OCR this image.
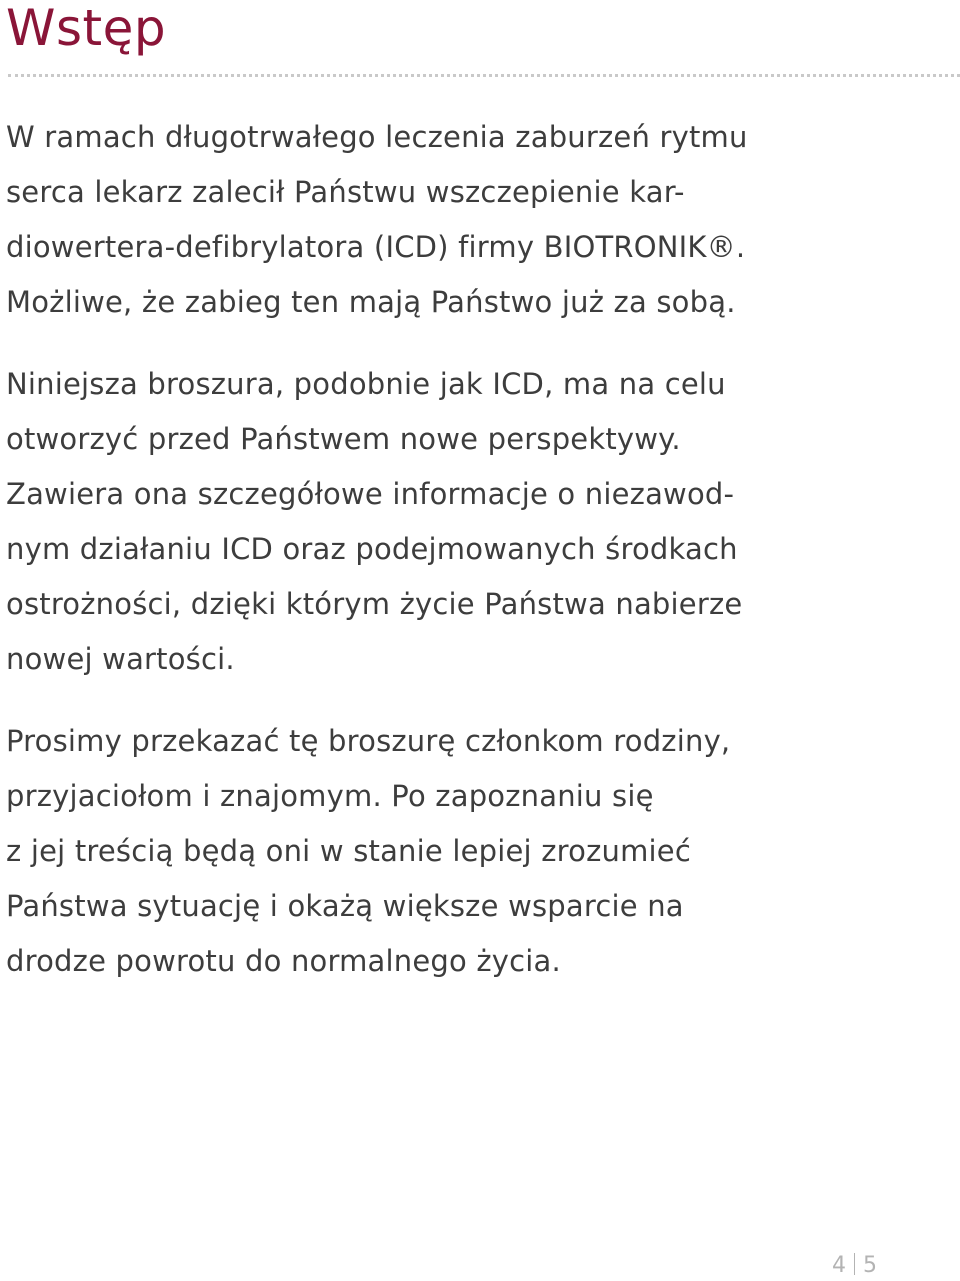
Wstęp

W ramach długotrwałego leczenia zaburzeń rytmu
serca lekarz zalecił Państwu wszczepienie kar-
diowertera-defibrylatora (ICD) firmy BIOTRONIK®.
Możliwe, że zabieg ten mają Państwo już za sobą.

Niniejsza broszura, podobnie jak ICD, ma na celu
otworzyć przed Państwem nowe perspektywy.
Zawiera ona szczegółowe informacje o niezawod-
nym działaniu ICD oraz podejmowanych środkach
ostrożności, dzięki którym życie Państwa nabierze
nowej wartości.

Prosimy przekazać tę broszurę członkom rodziny,
przyjaciołom i znajomym. Po zapoznaniu się
z jej treścią będą oni w stanie lepiej zrozumieć
Państwa sytuację i okażą większe wsparcie na
drodze powrotu do normalnego życia.

4 5
